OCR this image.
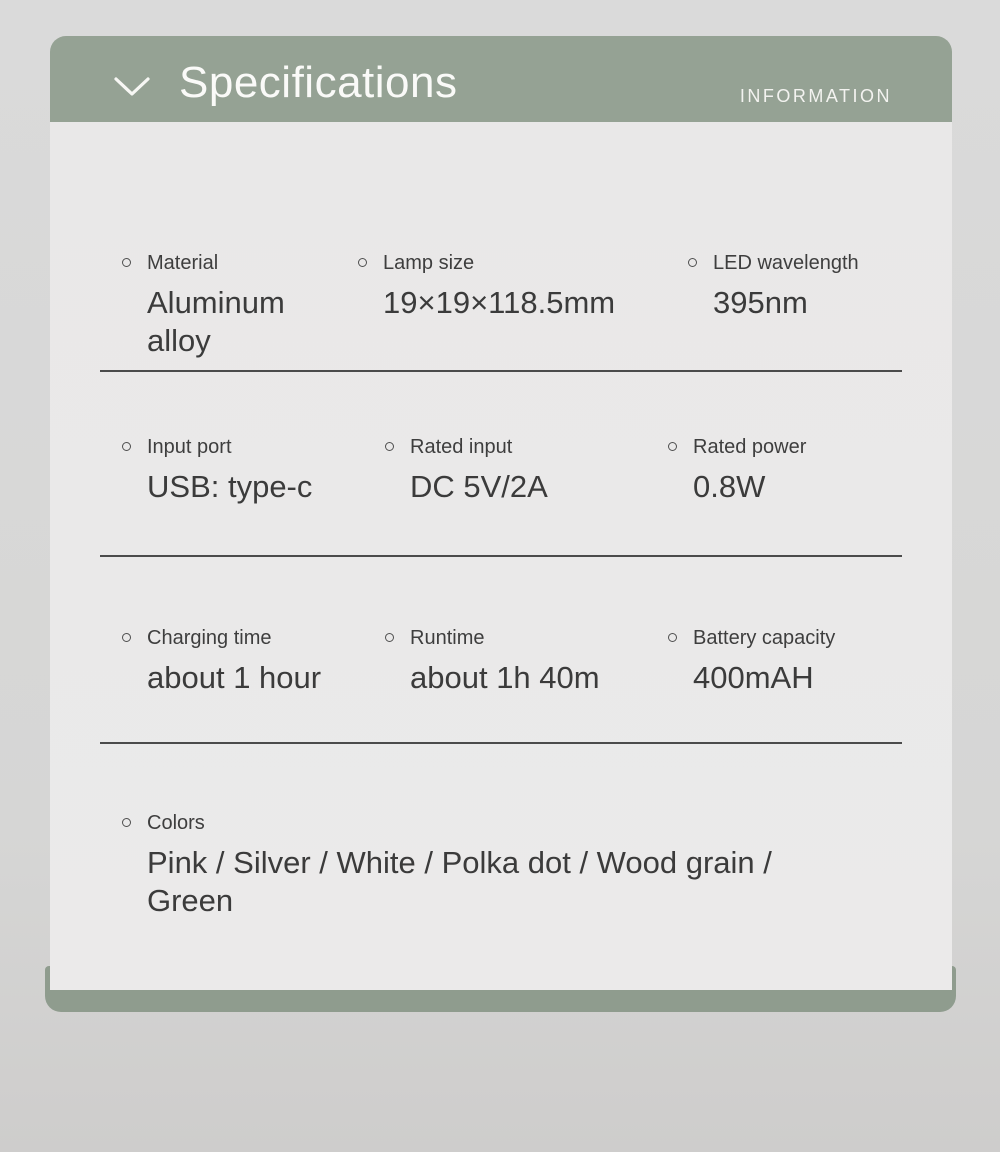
Specifications	INFORMATION
Material
Aluminum alloy
Lamp size
19×19×118.5mm
LED wavelength
395nm
Input port
USB: type-c
Rated input
DC 5V/2A
Rated power
0.8W
Charging time
about 1 hour
Runtime
about 1h 40m
Battery capacity
400mAH
Colors
Pink / Silver / White / Polka dot / Wood grain / Green
